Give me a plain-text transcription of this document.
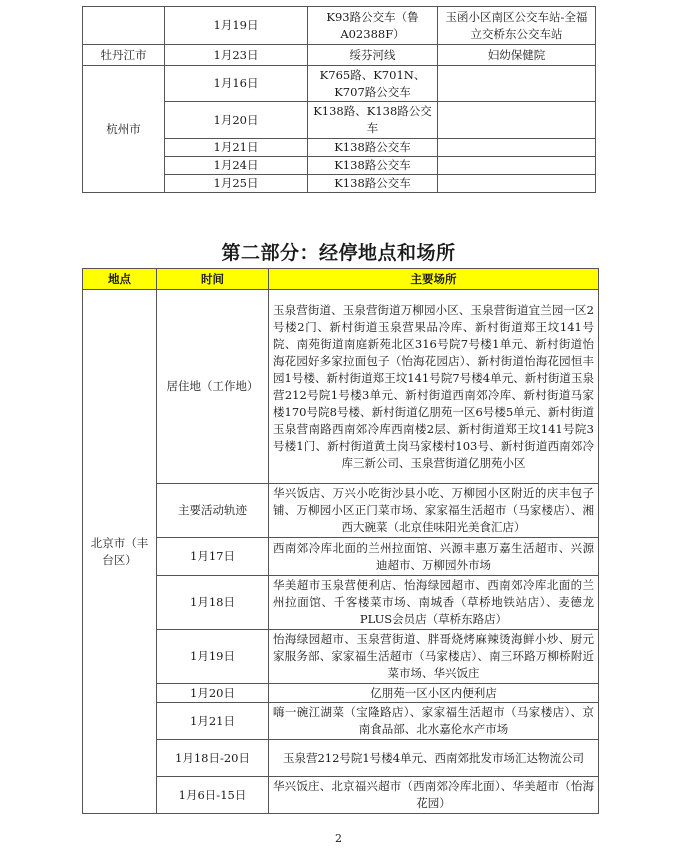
	1月19日	K93路公交车（鲁A02388F）	玉函小区南区公交车站-全福立交桥东公交车站
牡丹江市	1月23日	绥芬河线	妇幼保健院
杭州市	1月16日	K765路、K701N、K707路公交车	
	1月20日	K138路、K138路公交车	
	1月21日	K138路公交车	
	1月24日	K138路公交车	
	1月25日	K138路公交车	
第二部分：经停地点和场所
地点	时间	主要场所
北京市（丰台区）	居住地（工作地）	玉泉营街道、玉泉营街道万柳园小区、玉泉营街道宜兰园一区2号楼2门、新村街道玉泉营果品冷库、新村街道郑王坟141号院、南苑街道南庭新苑北区316号院7号楼1单元、新村街道怡海花园好多家拉面包子（怡海花园店）、新村街道怡海花园恒丰园1号楼、新村街道郑王坟141号院7号楼4单元、新村街道玉泉营212号院1号楼3单元、新村街道西南郊冷库、新村街道马家楼170号院8号楼、新村街道亿朋苑一区6号楼5单元、新村街道玉泉营南路西南郊冷库西南楼2层、新村街道郑王坟141号院3号楼1门、新村街道黄土岗马家楼村103号、新村街道西南郊冷库三新公司、玉泉营街道亿朋苑小区
	主要活动轨迹	华兴饭店、万兴小吃街沙县小吃、万柳园小区附近的庆丰包子铺、万柳园小区正门菜市场、家家福生活超市（马家楼店）、湘西大碗菜（北京佳味阳光美食汇店）
	1月17日	西南郊冷库北面的兰州拉面馆、兴源丰惠万嘉生活超市、兴源迪超市、万柳园外市场
	1月18日	华美超市玉泉营便利店、怡海绿园超市、西南郊冷库北面的兰州拉面馆、千客楼菜市场、南城香（草桥地铁站店）、麦德龙PLUS会员店（草桥东路店）
	1月19日	怡海绿园超市、玉泉营街道、胖哥烧烤麻辣烫海鲜小炒、厨元家服务部、家家福生活超市（马家楼店）、南三环路万柳桥附近菜市场、华兴饭庄
	1月20日	亿朋苑一区小区内便利店
	1月21日	嗨一碗江湖菜（宝隆路店）、家家福生活超市（马家楼店）、京南食品部、北水嘉伦水产市场
	1月18日-20日	玉泉营212号院1号楼4单元、西南郊批发市场汇达物流公司
	1月6日-15日	华兴饭庄、北京福兴超市（西南郊冷库北面）、华美超市（怡海花园）
2
